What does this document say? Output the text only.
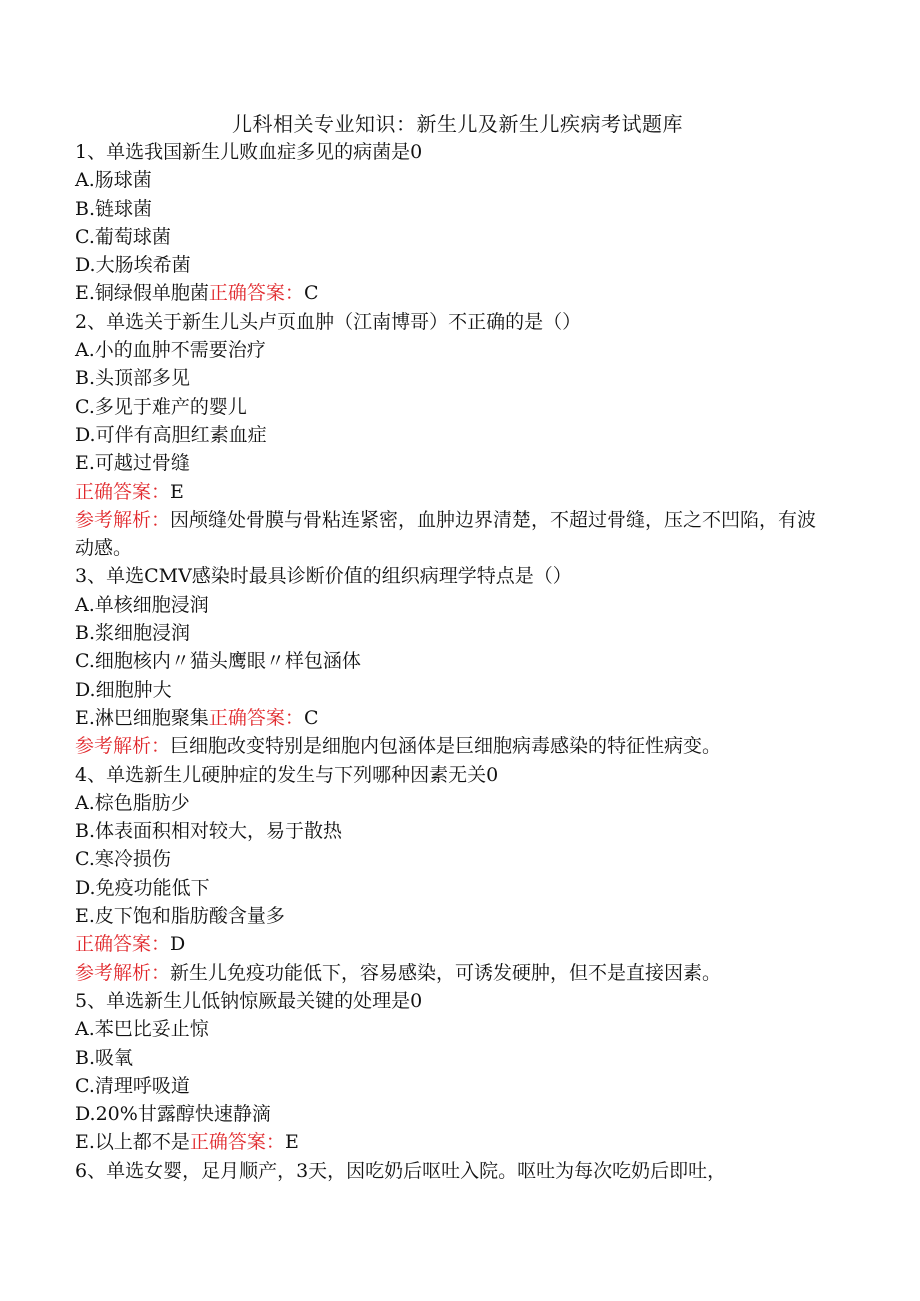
儿科相关专业知识：新生儿及新生儿疾病考试题库
1、单选我国新生儿败血症多见的病菌是0
A.肠球菌
B.链球菌
C.葡萄球菌
D.大肠埃希菌
E.铜绿假单胞菌正确答案：C
2、单选关于新生儿头卢页血肿（江南博哥）不正确的是（）
A.小的血肿不需要治疗
B.头顶部多见
C.多见于难产的婴儿
D.可伴有高胆红素血症
E.可越过骨缝
正确答案：E
参考解析：因颅缝处骨膜与骨粘连紧密，血肿边界清楚，不超过骨缝，压之不凹陷，有波动感。
3、单选CMV感染时最具诊断价值的组织病理学特点是（）
A.单核细胞浸润
B.浆细胞浸润
C.细胞核内〃猫头鹰眼〃样包涵体
D.细胞肿大
E.淋巴细胞聚集正确答案：C
参考解析：巨细胞改变特别是细胞内包涵体是巨细胞病毒感染的特征性病变。
4、单选新生儿硬肿症的发生与下列哪种因素无关0
A.棕色脂肪少
B.体表面积相对较大，易于散热
C.寒冷损伤
D.免疫功能低下
E.皮下饱和脂肪酸含量多
正确答案：D
参考解析：新生儿免疫功能低下，容易感染，可诱发硬肿，但不是直接因素。
5、单选新生儿低钠惊厥最关键的处理是0
A.苯巴比妥止惊
B.吸氧
C.清理呼吸道
D.20%甘露醇快速静滴
E.以上都不是正确答案：E
6、单选女婴，足月顺产，3天，因吃奶后呕吐入院。呕吐为每次吃奶后即吐，
